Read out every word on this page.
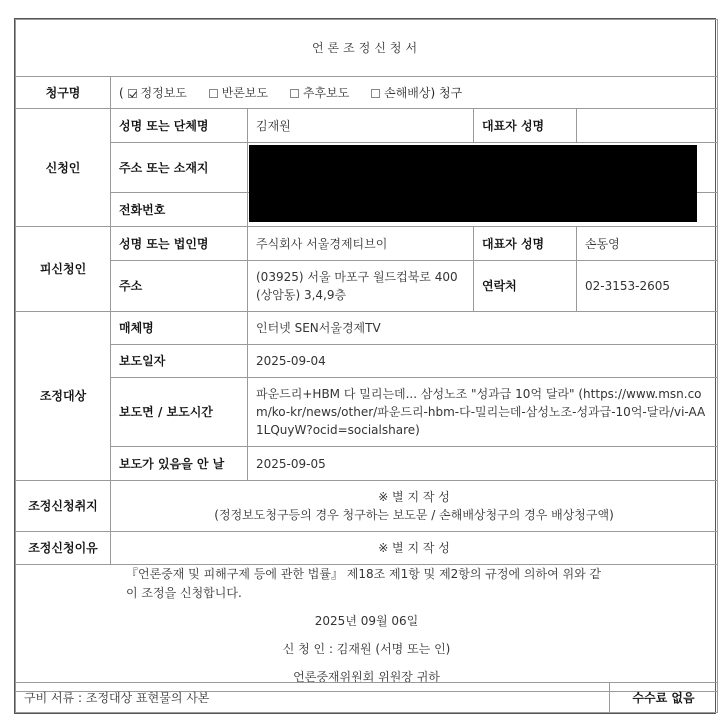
언론조정신청서				
청구명	( 정정보도 반론보도 추후보도 손해배상) 청구			
신청인	성명 또는 단체명	김재원	대표자 성명	
	주소 또는 소재지			
	전화번호			
피신청인	성명 또는 법인명	주식회사 서울경제티브이	대표자 성명	손동영
	주소	(03925) 서울 마포구 월드컵북로 400 (상암동) 3,4,9층	연락처	02-3153-2605
조정대상	매체명	인터넷 SEN서울경제TV		
	보도일자	2025-09-04		
	보도면 / 보도시간	파운드리+HBM 다 밀리는데... 삼성노조 "성과급 10억 달라" (https://www.msn.com/ko-kr/news/other/파운드리-hbm-다-밀리는데-삼성노조-성과급-10억-달라/vi-AA1LQuyW?ocid=socialshare)		
	보도가 있음을 안 날	2025-09-05		
조정신청취지	※ 별 지 작 성
(정정보도청구등의 경우 청구하는 보도문 / 손해배상청구의 경우 배상청구액)			

조정신청이유	※ 별 지 작 성			

『언론중재 및 피해구제 등에 관한 법률』 제18조 제1항 및 제2항의 규정에 의하여 위와 같이 조정을 신청합니다.
2025년 09월 06일
신 청 인 : 김재원 (서명 또는 인)
언론중재위원회 위원장 귀하				
구비 서류 : 조정대상 표현물의 사본	수수료 없음
